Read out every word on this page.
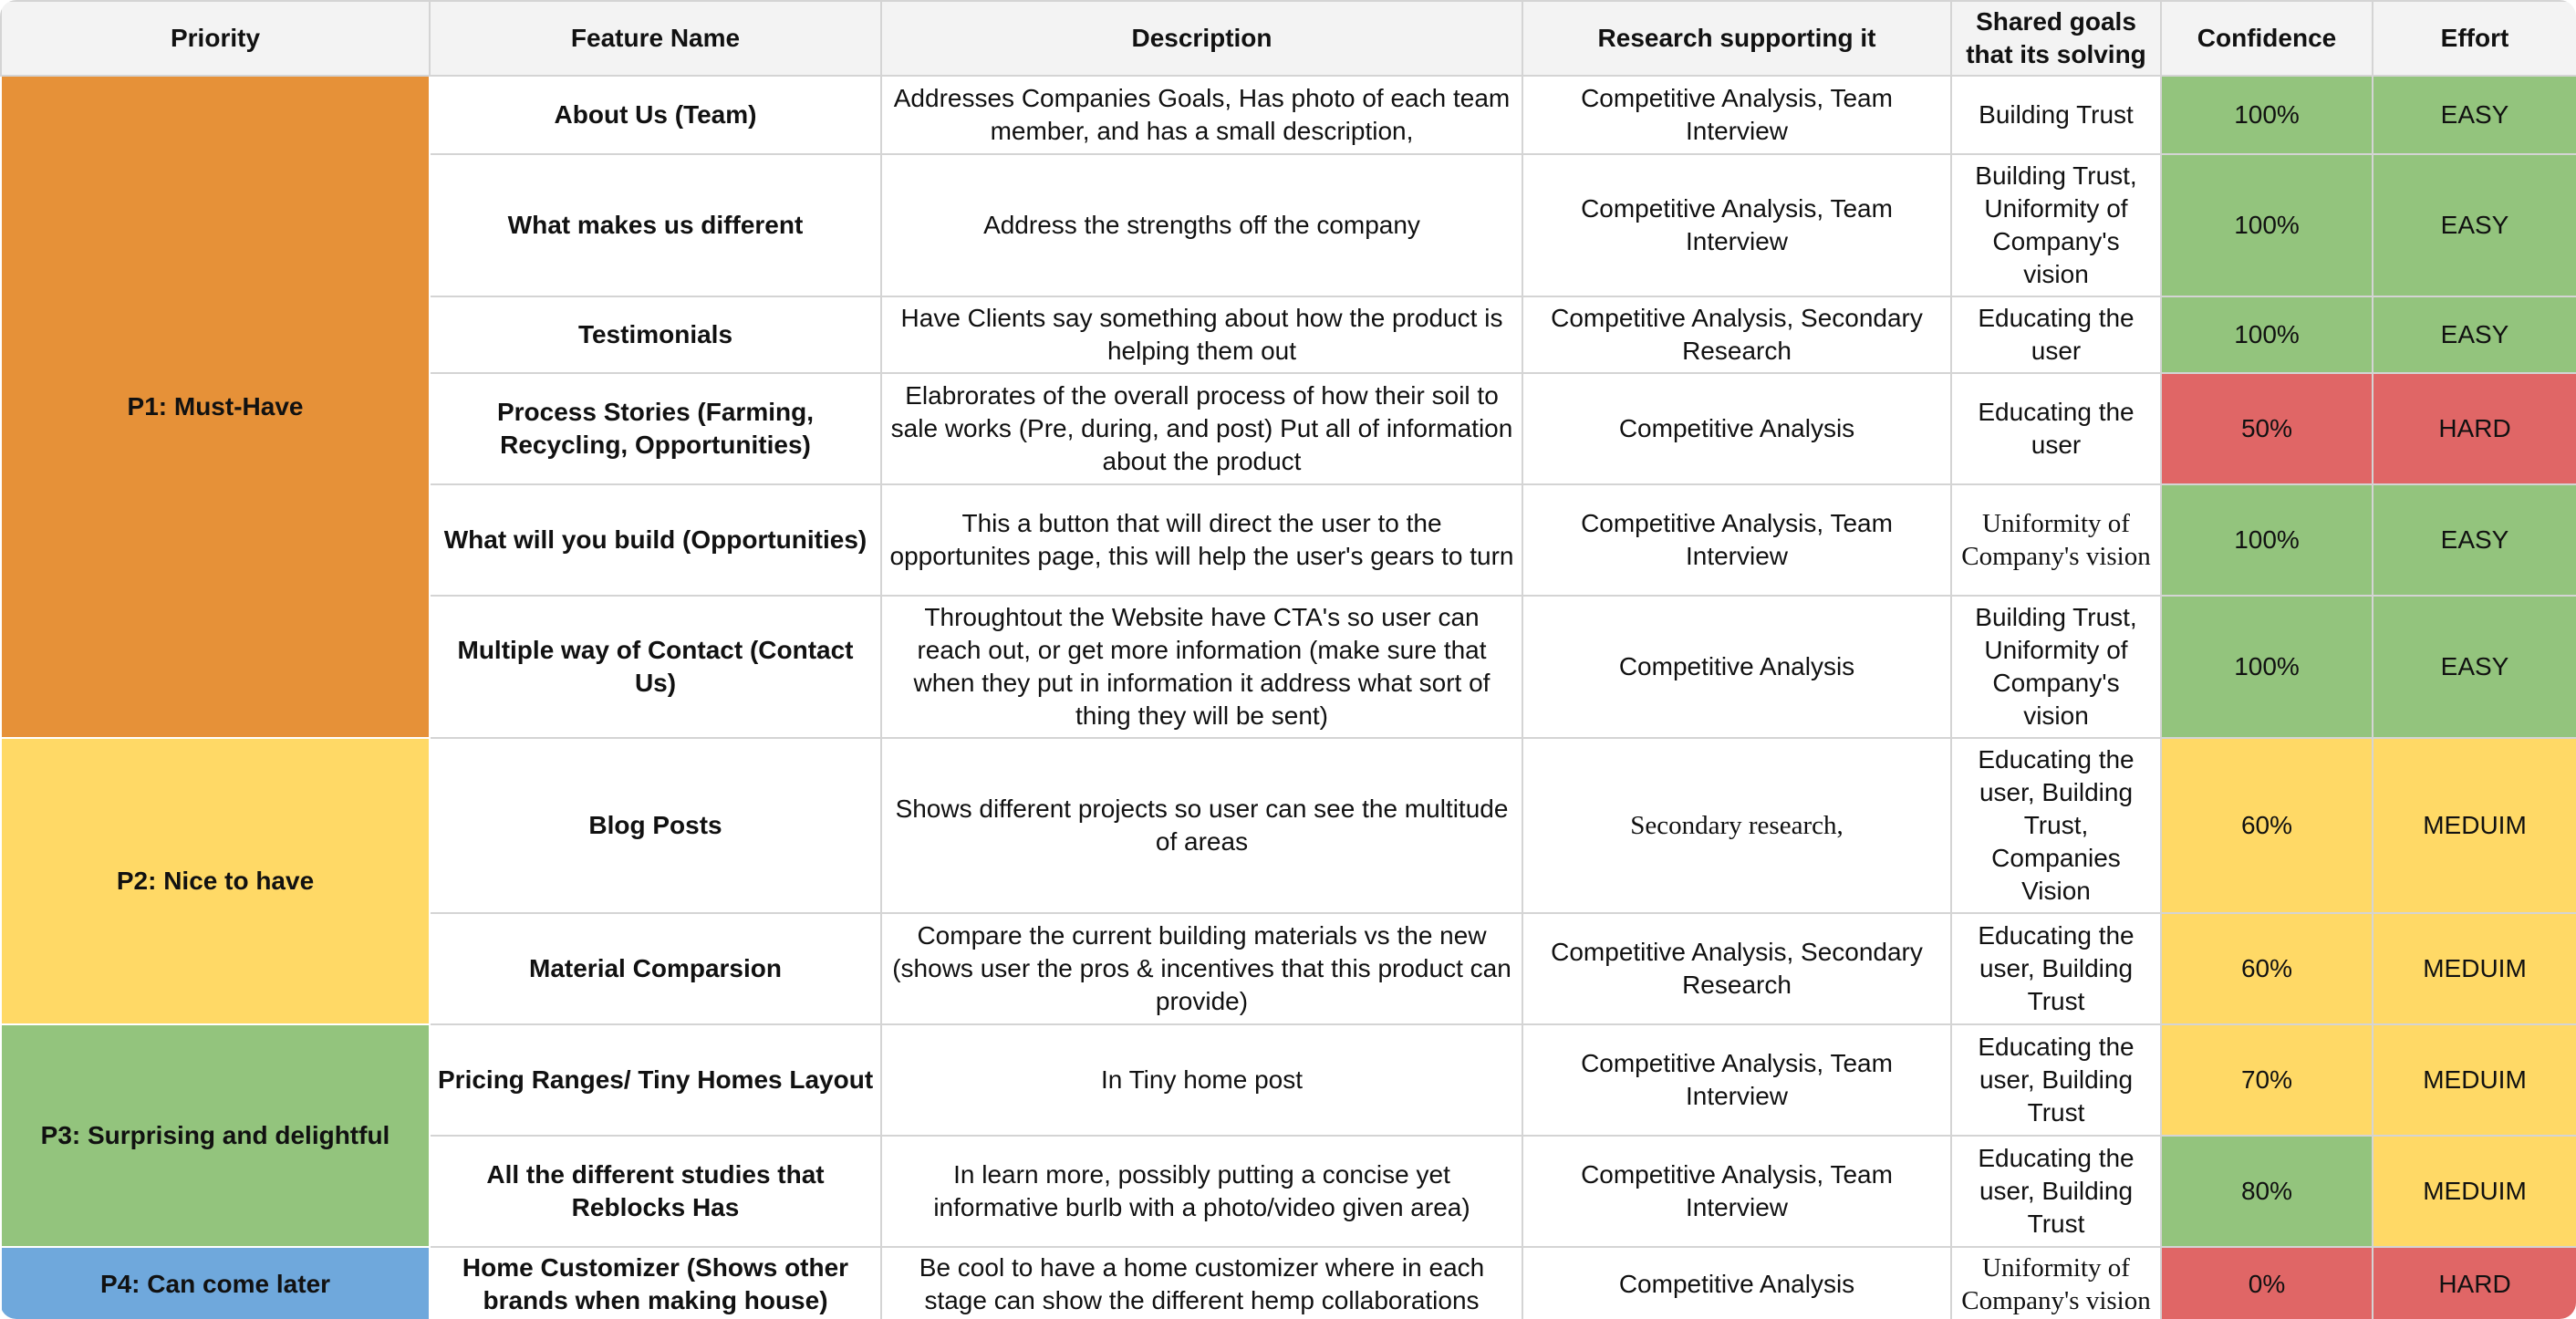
Priority	Feature Name	Description	Research supporting it	Shared goals that its solving	Confidence	Effort
P1: Must-Have	About Us (Team)	Addresses Companies Goals, Has photo of each team member, and has a small description,	Competitive Analysis, Team Interview	Building Trust	100%	EASY
	What makes us different	Address the strengths off the company	Competitive Analysis, Team Interview	Building Trust, Uniformity of Company's vision	100%	EASY
	Testimonials	Have Clients say something about how the product is helping them out	Competitive Analysis, Secondary Research	Educating the user	100%	EASY
	Process Stories (Farming, Recycling, Opportunities)	Elabrorates of the overall process of how their soil to sale works (Pre, during, and post) Put all of information about the product	Competitive Analysis	Educating the user	50%	HARD
	What will you build (Opportunities)	This a button that will direct the user to the opportunites page, this will help the user's gears to turn	Competitive Analysis, Team Interview	Uniformity of Company's vision	100%	EASY
	Multiple way of Contact (Contact Us)	Throughtout the Website have CTA's so user can reach out, or get more information (make sure that when they put in information it address what sort of thing they will be sent)	Competitive Analysis	Building Trust, Uniformity of Company's vision	100%	EASY
P2: Nice to have	Blog Posts	Shows different projects so user can see the multitude of areas	Secondary research,	Educating the user, Building Trust, Companies Vision	60%	MEDUIM
	Material Comparsion	Compare the current building materials vs the new (shows user the pros & incentives that this product can provide)	Competitive Analysis, Secondary Research	Educating the user, Building Trust	60%	MEDUIM
P3: Surprising and delightful	Pricing Ranges/ Tiny Homes Layout	In Tiny home post	Competitive Analysis, Team Interview	Educating the user, Building Trust	70%	MEDUIM
	All the different studies that Reblocks Has	In learn more, possibly putting a concise yet informative burlb with a photo/video given area)	Competitive Analysis, Team Interview	Educating the user, Building Trust	80%	MEDUIM
P4: Can come later	Home Customizer (Shows other brands when making house)	Be cool to have a home customizer where in each stage can show the different hemp collaborations	Competitive Analysis	Uniformity of Company's vision	0%	HARD
